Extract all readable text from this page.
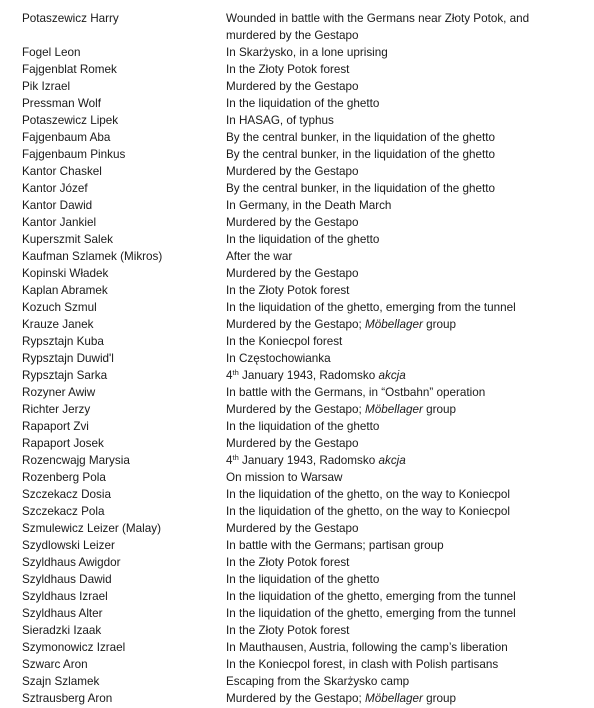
Potaszewicz Harry	Wounded in battle with the Germans near Złoty Potok, and murdered by the Gestapo
Fogel Leon	In Skarżysko, in a lone uprising
Fajgenblat Romek	In the Złoty Potok forest
Pik Izrael	Murdered by the Gestapo
Pressman Wolf	In the liquidation of the ghetto
Potaszewicz Lipek	In HASAG, of typhus
Fajgenbaum Aba	By the central bunker, in the liquidation of the ghetto
Fajgenbaum Pinkus	By the central bunker, in the liquidation of the ghetto
Kantor Chaskel	Murdered by the Gestapo
Kantor Józef	By the central bunker, in the liquidation of the ghetto
Kantor Dawid	In Germany, in the Death March
Kantor Jankiel	Murdered by the Gestapo
Kuperszmit Salek	In the liquidation of the ghetto
Kaufman Szlamek (Mikros)	After the war
Kopinski Władek	Murdered by the Gestapo
Kaplan Abramek	In the Złoty Potok forest
Kozuch Szmul	In the liquidation of the ghetto, emerging from the tunnel
Krauze Janek	Murdered by the Gestapo; Möbellager group
Rypsztajn Kuba	In the Koniecpol forest
Rypsztajn Duwid'l	In Częstochowianka
Rypsztajn Sarka	4th January 1943, Radomsko akcja
Rozyner Awiw	In battle with the Germans, in “Ostbahn” operation
Richter Jerzy	Murdered by the Gestapo; Möbellager group
Rapaport Zvi	In the liquidation of the ghetto
Rapaport Josek	Murdered by the Gestapo
Rozencwajg Marysia	4th January 1943, Radomsko akcja
Rozenberg Pola	On mission to Warsaw
Szczekacz Dosia	In the liquidation of the ghetto, on the way to Koniecpol
Szczekacz Pola	In the liquidation of the ghetto, on the way to Koniecpol
Szmulewicz Leizer (Malay)	Murdered by the Gestapo
Szydlowski Leizer	In battle with the Germans; partisan group
Szyldhaus Awigdor	In the Złoty Potok forest
Szyldhaus Dawid	In the liquidation of the ghetto
Szyldhaus Izrael	In the liquidation of the ghetto, emerging from the tunnel
Szyldhaus Alter	In the liquidation of the ghetto, emerging from the tunnel
Sieradzki Izaak	In the Złoty Potok forest
Szymonowicz Izrael	In Mauthausen, Austria, following the camp’s liberation
Szwarc Aron	In the Koniecpol forest, in clash with Polish partisans
Szajn Szlamek	Escaping from the Skarżysko camp
Sztrausberg Aron	Murdered by the Gestapo; Möbellager group
